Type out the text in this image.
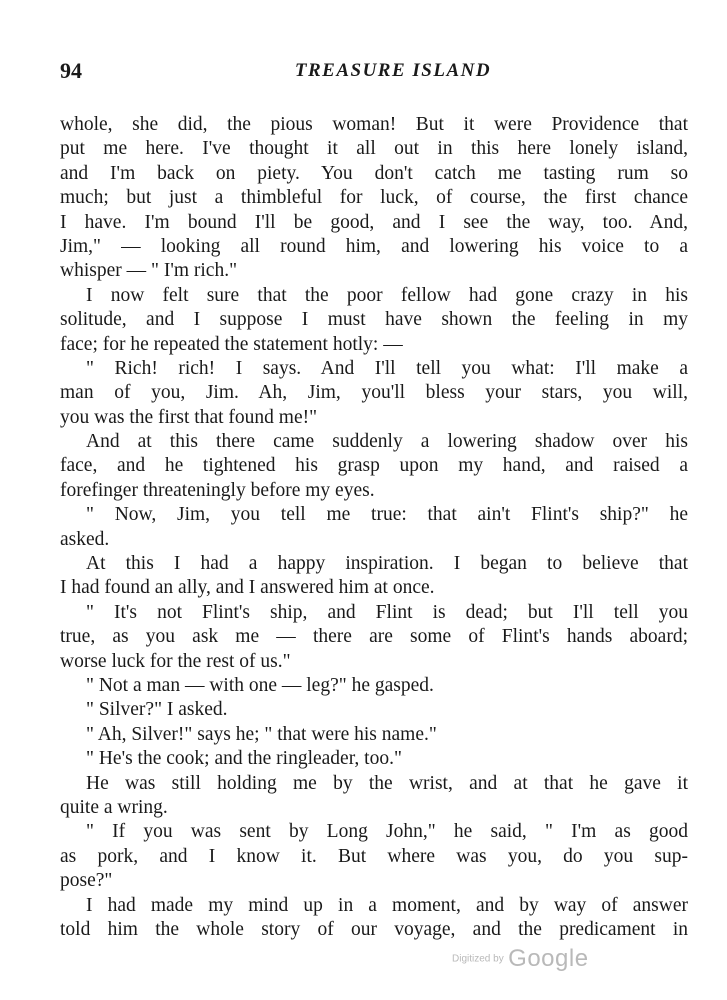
94	TREASURE ISLAND
whole, she did, the pious woman! But it were Providence that
put me here. I've thought it all out in this here lonely island,
and I'm back on piety. You don't catch me tasting rum so
much; but just a thimbleful for luck, of course, the first chance
I have. I'm bound I'll be good, and I see the way, too. And,
Jim," — looking all round him, and lowering his voice to a
whisper — " I'm rich."
I now felt sure that the poor fellow had gone crazy in his
solitude, and I suppose I must have shown the feeling in my
face; for he repeated the statement hotly: —
" Rich! rich! I says. And I'll tell you what: I'll make a
man of you, Jim. Ah, Jim, you'll bless your stars, you will,
you was the first that found me!"
And at this there came suddenly a lowering shadow over his
face, and he tightened his grasp upon my hand, and raised a
forefinger threateningly before my eyes.
" Now, Jim, you tell me true: that ain't Flint's ship?" he
asked.
At this I had a happy inspiration. I began to believe that
I had found an ally, and I answered him at once.
" It's not Flint's ship, and Flint is dead; but I'll tell you
true, as you ask me — there are some of Flint's hands aboard;
worse luck for the rest of us."
" Not a man — with one — leg?" he gasped.
" Silver?" I asked.
" Ah, Silver!" says he; " that were his name."
" He's the cook; and the ringleader, too."
He was still holding me by the wrist, and at that he gave it
quite a wring.
" If you was sent by Long John," he said, " I'm as good
as pork, and I know it. But where was you, do you sup-
pose?"
I had made my mind up in a moment, and by way of answer
told him the whole story of our voyage, and the predicament in
Digitized by Google
